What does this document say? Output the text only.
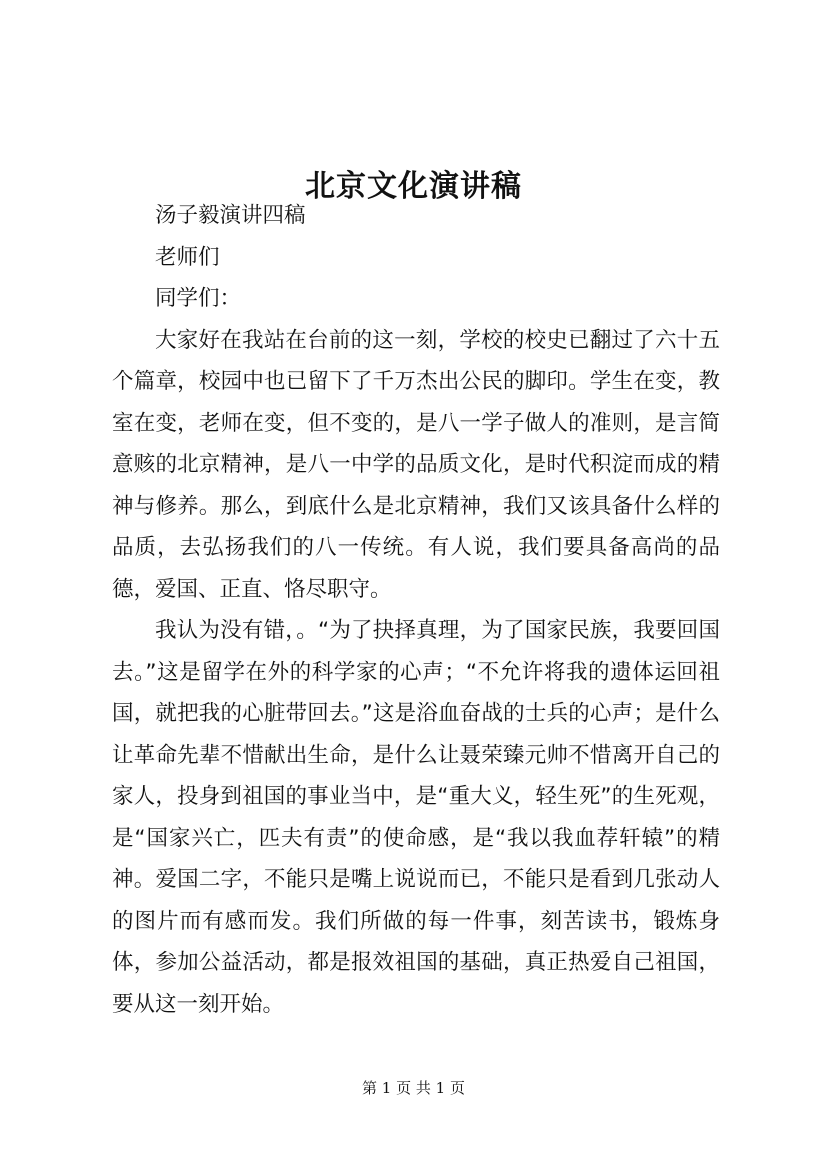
北京文化演讲稿

汤子毅演讲四稿

老师们

同学们：

大家好在我站在台前的这一刻，学校的校史已翻过了六十五个篇章，校园中也已留下了千万杰出公民的脚印。学生在变，教室在变，老师在变，但不变的，是八一学子做人的准则，是言简意赅的北京精神，是八一中学的品质文化，是时代积淀而成的精神与修养。那么，到底什么是北京精神，我们又该具备什么样的品质，去弘扬我们的八一传统。有人说，我们要具备高尚的品德，爱国、正直、恪尽职守。

我认为没有错，。“为了抉择真理，为了国家民族，我要回国去。”这是留学在外的科学家的心声；“不允许将我的遗体运回祖国，就把我的心脏带回去。”这是浴血奋战的士兵的心声；是什么让革命先辈不惜献出生命，是什么让聂荣臻元帅不惜离开自己的家人，投身到祖国的事业当中，是“重大义，轻生死”的生死观，是“国家兴亡，匹夫有责”的使命感，是“我以我血荐轩辕”的精神。爱国二字，不能只是嘴上说说而已，不能只是看到几张动人的图片而有感而发。我们所做的每一件事，刻苦读书，锻炼身体，参加公益活动，都是报效祖国的基础，真正热爱自己祖国，要从这一刻开始。

第 1 页 共 1 页
